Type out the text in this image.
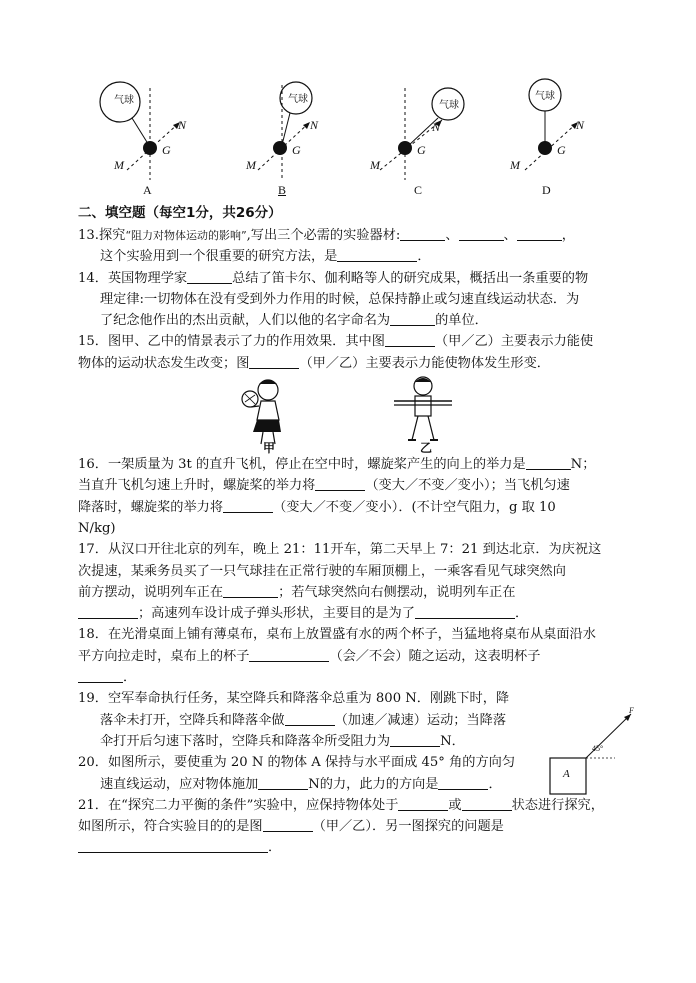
气球
N
M
G
A
气球
N
M
G
B
气球
N
M
G
C
气球
N
M
G
D
二、填空题（每空1分，共26分）
13.探究“阻力对物体运动的影响”,写出三个必需的实验器材:	、	、	，
这个实验用到一个很重要的研究方法，是	．
14．英国物理学家	总结了笛卡尔、伽利略等人的研究成果，概括出一条重要的物
理定律:一切物体在没有受到外力作用的时候，总保持静止或匀速直线运动状态．为
了纪念他作出的杰出贡献，人们以他的名字命名为	的单位．
15．图甲、乙中的情景表示了力的作用效果．其中图	（甲／乙）主要表示力能使
物体的运动状态发生改变；图	（甲／乙）主要表示力能使物体发生形变．
甲	乙
16．一架质量为 3t 的直升飞机，停止在空中时，螺旋桨产生的向上的举力是	N；
当直升飞机匀速上升时，螺旋桨的举力将	（变大／不变／变小）；当飞机匀速
降落时，螺旋桨的举力将	（变大／不变／变小）．(不计空气阻力，g 取 10
N/kg)
17．从汉口开往北京的列车，晚上 21：11开车，第二天早上 7：21 到达北京．为庆祝这
次提速，某乘务员买了一只气球挂在正常行驶的车厢顶棚上，一乘客看见气球突然向
前方摆动，说明列车正在	；若气球突然向右侧摆动，说明列车正在
；高速列车设计成子弹头形状，主要目的是为了	．
18．在光滑桌面上铺有薄桌布，桌布上放置盛有水的两个杯子，当猛地将桌布从桌面沿水
平方向拉走时，桌布上的杯子	（会／不会）随之运动，这表明杯子
．
19．空军奉命执行任务，某空降兵和降落伞总重为 800 N．刚跳下时，降
落伞未打开，空降兵和降落伞做	（加速／减速）运动；当降落
伞打开后匀速下落时，空降兵和降落伞所受阻力为	N．
20．如图所示，要使重为 20 N 的物体 A 保持与水平面成 45° 角的方向匀
速直线运动，应对物体施加	N的力，此力的方向是	．
21．在“探究二力平衡的条件”实验中，应保持物体处于	或	状态进行探究，
如图所示，符合实验目的的是图	（甲／乙）．另一图探究的问题是
．
A
45°
F
